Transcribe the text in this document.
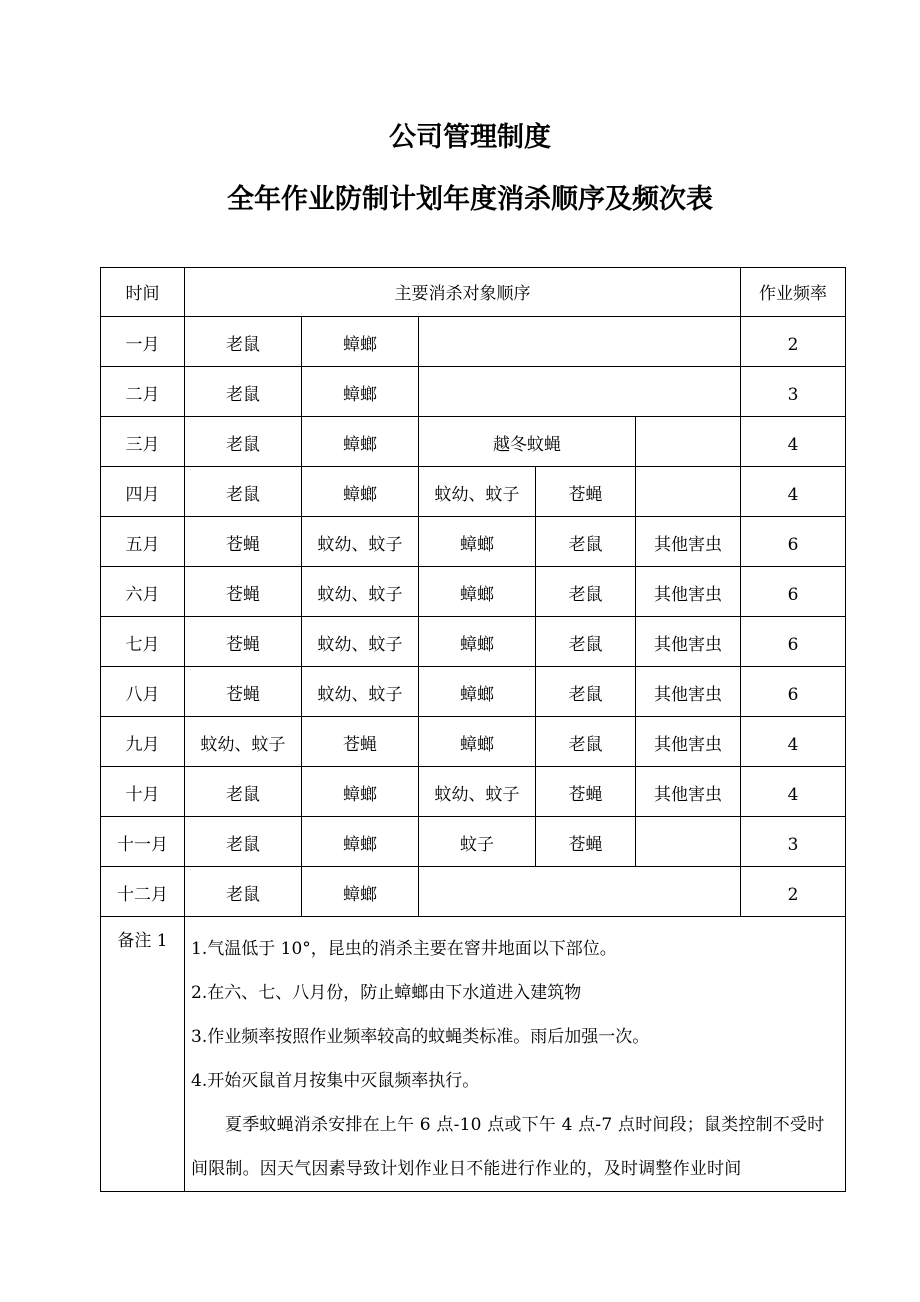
公司管理制度
全年作业防制计划年度消杀顺序及频次表
时间	主要消杀对象顺序					作业频率
一月	老鼠	蟑螂				2
二月	老鼠	蟑螂				3
三月	老鼠	蟑螂	越冬蚊蝇			4
四月	老鼠	蟑螂	蚊幼、蚊子	苍蝇		4
五月	苍蝇	蚊幼、蚊子	蟑螂	老鼠	其他害虫	6
六月	苍蝇	蚊幼、蚊子	蟑螂	老鼠	其他害虫	6
七月	苍蝇	蚊幼、蚊子	蟑螂	老鼠	其他害虫	6
八月	苍蝇	蚊幼、蚊子	蟑螂	老鼠	其他害虫	6
九月	蚊幼、蚊子	苍蝇	蟑螂	老鼠	其他害虫	4
十月	老鼠	蟑螂	蚊幼、蚊子	苍蝇	其他害虫	4
十一月	老鼠	蟑螂	蚊子	苍蝇		3
十二月	老鼠	蟑螂				2
备注 1	1.气温低于 10°，昆虫的消杀主要在窨井地面以下部位。
2.在六、七、八月份，防止蟑螂由下水道进入建筑物
3.作业频率按照作业频率较高的蚊蝇类标准。雨后加强一次。
4.开始灭鼠首月按集中灭鼠频率执行。
夏季蚊蝇消杀安排在上午 6 点-10 点或下午 4 点-7 点时间段；鼠类控制不受时间限制。因天气因素导致计划作业日不能进行作业的，及时调整作业时间					
